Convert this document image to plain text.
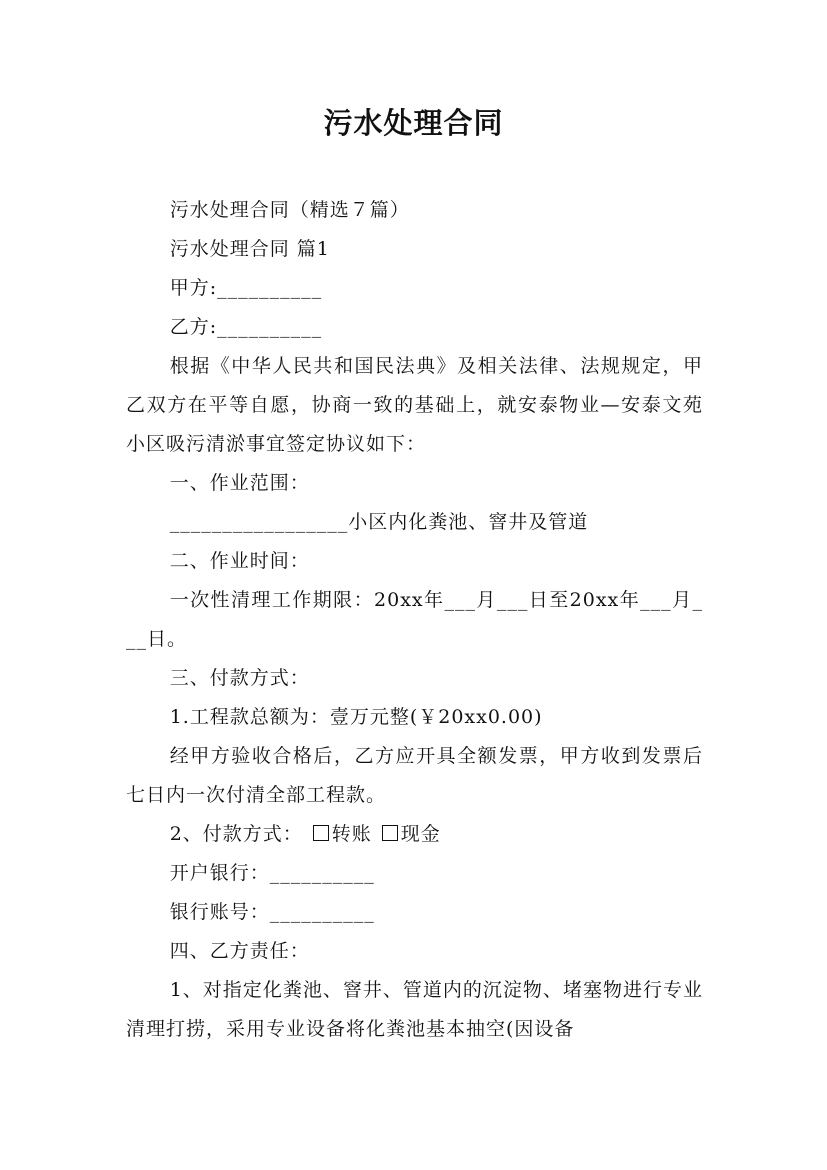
污水处理合同

污水处理合同（精选７篇）

污水处理合同 篇1

甲方:__________

乙方:__________

根据《中华人民共和国民法典》及相关法律、法规规定，甲乙双方在平等自愿，协商一致的基础上，就安泰物业—安泰文苑小区吸污清淤事宜签定协议如下：

一、作业范围：

_________________小区内化粪池、窨井及管道

二、作业时间：

一次性清理工作期限：20xx年___月___日至20xx年___月___日。

三、付款方式：

1.工程款总额为：壹万元整(￥20xx0.00)

经甲方验收合格后，乙方应开具全额发票，甲方收到发票后七日内一次付清全部工程款。

2、付款方式： 转账 现金

开户银行：__________

银行账号：__________

四、乙方责任：

1、对指定化粪池、窨井、管道内的沉淀物、堵塞物进行专业清理打捞，采用专业设备将化粪池基本抽空(因设备
